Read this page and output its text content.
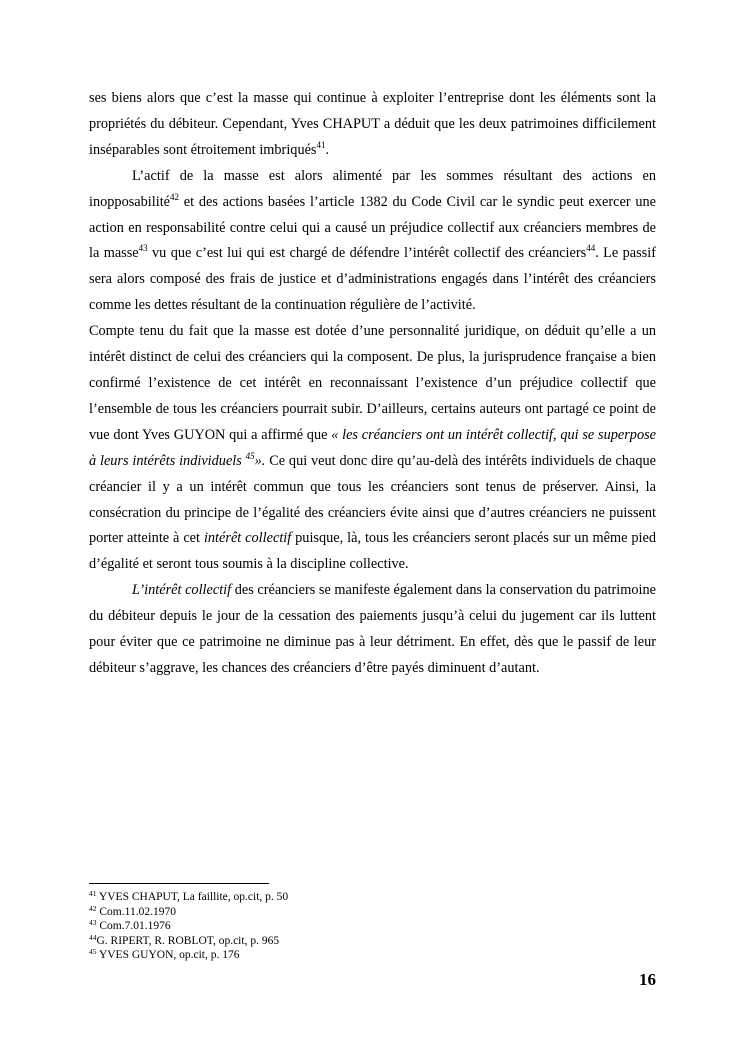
ses biens alors que c’est la masse qui continue à exploiter l’entreprise dont les éléments sont la propriétés du débiteur. Cependant, Yves CHAPUT a déduit que les deux patrimoines difficilement inséparables sont étroitement imbriqués$^{41}$.

L’actif de la masse est alors alimenté par les sommes résultant des actions en inopposabilité$^{42}$ et des actions basées l’article 1382 du Code Civil car le syndic peut exercer une action en responsabilité contre celui qui a causé un préjudice collectif aux créanciers membres de la masse$^{43}$ vu que c’est lui qui est chargé de défendre l’intérêt collectif des créanciers$^{44}$. Le passif sera alors composé des frais de justice et d’administrations engagés dans l’intérêt des créanciers comme les dettes résultant de la continuation régulière de l’activité.

Compte tenu du fait que la masse est dotée d’une personnalité juridique, on déduit qu’elle a un intérêt distinct de celui des créanciers qui la composent. De plus, la jurisprudence française a bien confirmé l’existence de cet intérêt en reconnaissant l’existence d’un préjudice collectif que l’ensemble de tous les créanciers pourrait subir. D’ailleurs, certains auteurs ont partagé ce point de vue dont Yves GUYON qui a affirmé que « les créanciers ont un intérêt collectif, qui se superpose à leurs intérêts individuels $^{45}$». Ce qui veut donc dire qu’au-delà des intérêts individuels de chaque créancier il y a un intérêt commun que tous les créanciers sont tenus de préserver. Ainsi, la consécration du principe de l’égalité des créanciers évite ainsi que d’autres créanciers ne puissent porter atteinte à cet intérêt collectif puisque, là, tous les créanciers seront placés sur un même pied d’égalité et seront tous soumis à la discipline collective.

L’intérêt collectif des créanciers se manifeste également dans la conservation du patrimoine du débiteur depuis le jour de la cessation des paiements jusqu’à celui du jugement car ils luttent pour éviter que ce patrimoine ne diminue pas à leur détriment. En effet, dès que le passif de leur débiteur s’aggrave, les chances des créanciers d’être payés diminuent d’autant.

$^{41}$ YVES CHAPUT, La faillite, op.cit, p. 50

$^{42}$ Com.11.02.1970

$^{43}$ Com.7.01.1976

$^{44}$G. RIPERT, R. ROBLOT, op.cit, p. 965

$^{45}$ YVES GUYON, op.cit, p. 176

16
